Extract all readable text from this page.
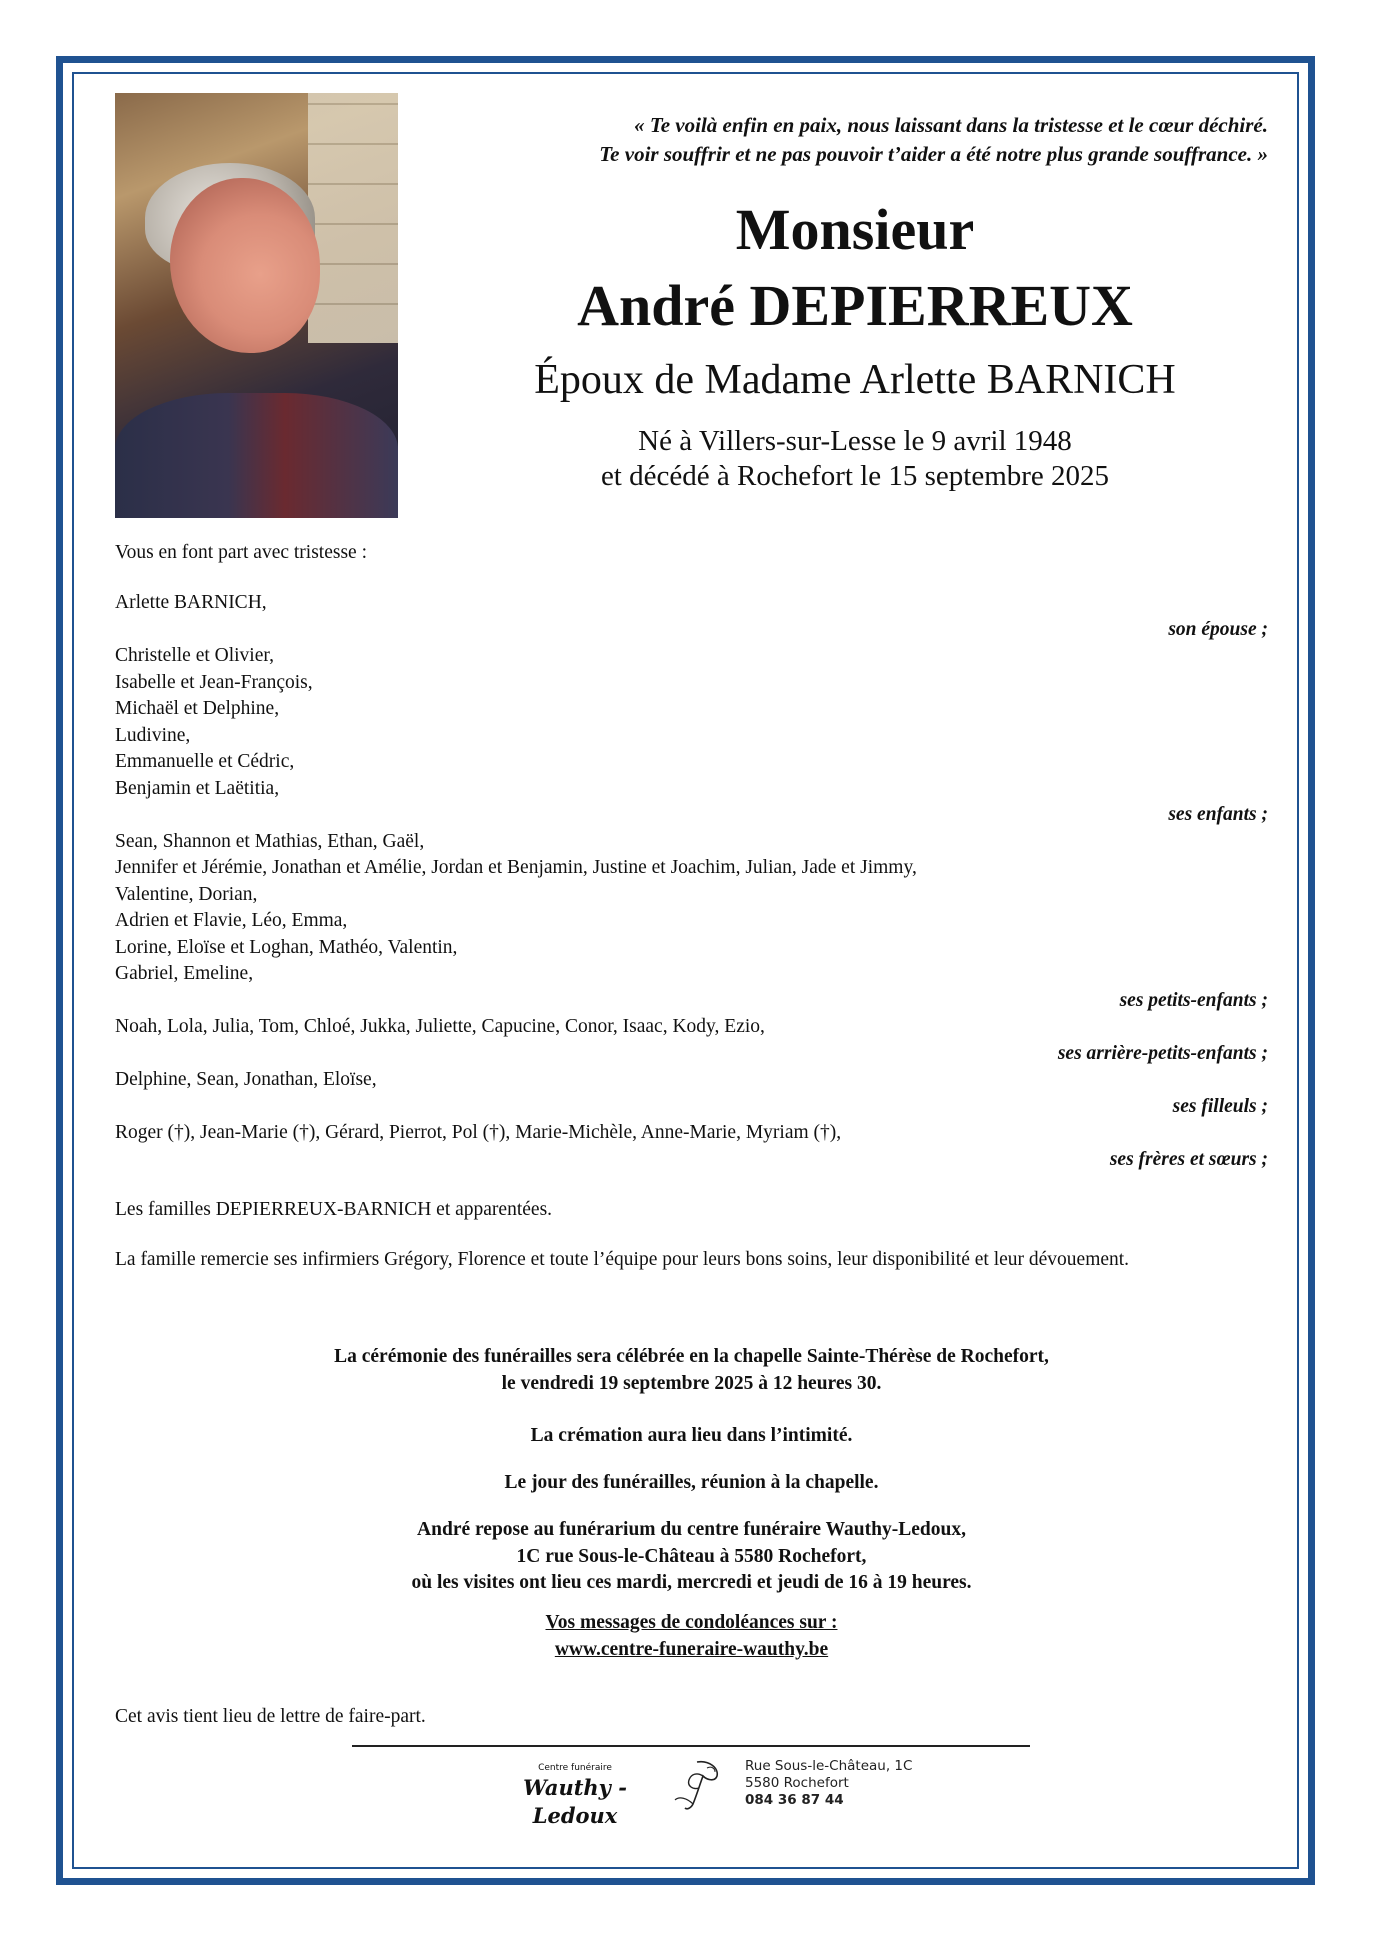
« Te voilà enfin en paix, nous laissant dans la tristesse et le cœur déchiré.
Te voir souffrir et ne pas pouvoir t’aider a été notre plus grande souffrance. »
Monsieur
André DEPIERREUX
Époux de Madame Arlette BARNICH
Né à Villers-sur-Lesse le 9 avril 1948
et décédé à Rochefort le 15 septembre 2025

Vous en font part avec tristesse :

Arlette BARNICH,

son épouse ;

Christelle et Olivier,

Isabelle et Jean-François,

Michaël et Delphine,

Ludivine,

Emmanuelle et Cédric,

Benjamin et Laëtitia,

ses enfants ;

Sean, Shannon et Mathias, Ethan, Gaël,

Jennifer et Jérémie, Jonathan et Amélie, Jordan et Benjamin, Justine et Joachim, Julian, Jade et Jimmy,

Valentine, Dorian,

Adrien et Flavie, Léo, Emma,

Lorine, Eloïse et Loghan, Mathéo, Valentin,

Gabriel, Emeline,

ses petits-enfants ;

Noah, Lola, Julia, Tom, Chloé, Jukka, Juliette, Capucine, Conor, Isaac, Kody, Ezio,

ses arrière-petits-enfants ;

Delphine, Sean, Jonathan, Eloïse,

ses filleuls ;

Roger (†), Jean-Marie (†), Gérard, Pierrot, Pol (†), Marie-Michèle, Anne-Marie, Myriam (†),

ses frères et sœurs ;

Les familles DEPIERREUX-BARNICH et apparentées.

La famille remercie ses infirmiers Grégory, Florence et toute l’équipe pour leurs bons soins, leur disponibilité et leur dévouement.

La cérémonie des funérailles sera célébrée en la chapelle Sainte-Thérèse de Rochefort,
le vendredi 19 septembre 2025 à 12 heures 30.
La crémation aura lieu dans l’intimité.
Le jour des funérailles, réunion à la chapelle.
André repose au funérarium du centre funéraire Wauthy-Ledoux,
1C rue Sous-le-Château à 5580 Rochefort,
où les visites ont lieu ces mardi, mercredi et jeudi de 16 à 19 heures.
Vos messages de condoléances sur :
www.centre-funeraire-wauthy.be
Cet avis tient lieu de lettre de faire-part.
Centre funéraire
Wauthy - Ledoux
Rue Sous-le-Château, 1C
5580 Rochefort
084 36 87 44
